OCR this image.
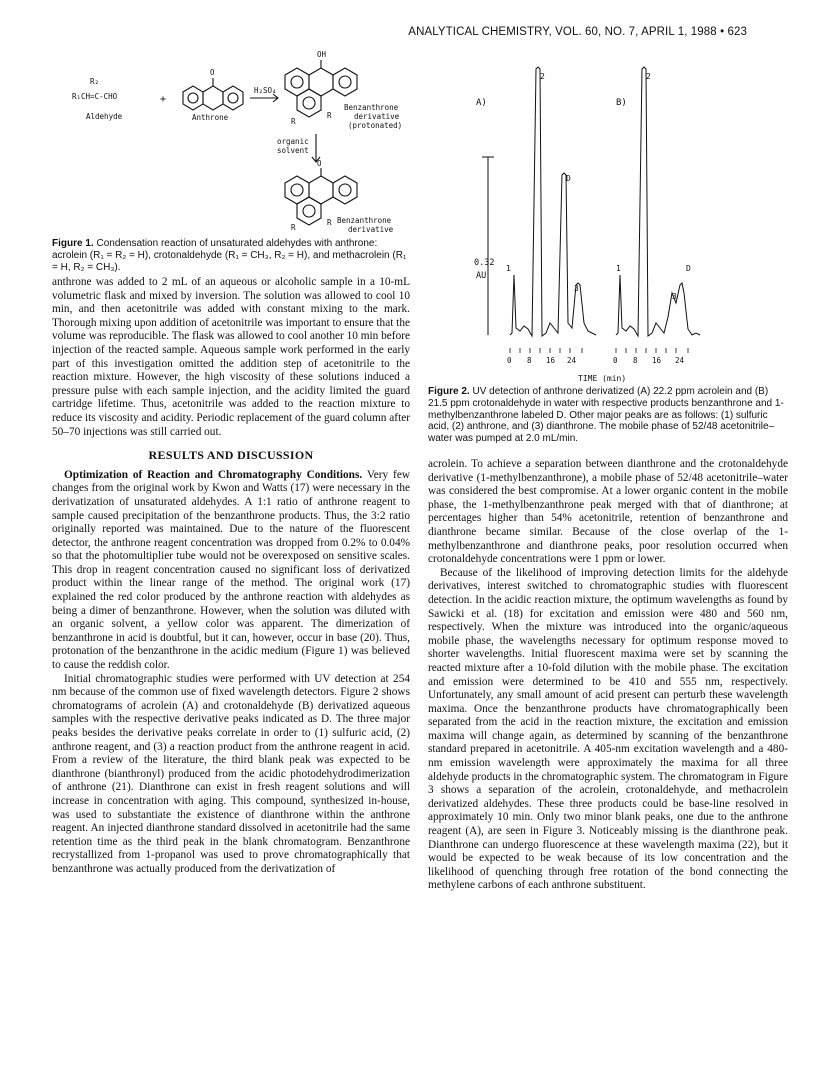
ANALYTICAL CHEMISTRY, VOL. 60, NO. 7, APRIL 1, 1988 • 623
R₂
R₁CH=C-CHO
Aldehyde
+
O
Anthrone
H₂SO₄
OH
R
R
Benzanthrone
derivative
(protonated)
organic
solvent
O
R
R
Benzanthrone
derivative
Figure 1. Condensation reaction of unsaturated aldehydes with anthrone: acrolein (R₁ = R₂ = H), crotonaldehyde (R₁ = CH₃, R₂ = H), and methacrolein (R₁ = H, R₂ = CH₃).
A)	B)
0.32
AU
1
2
3
D
1
2
3
D
0 8 16 24	0 8 16 24
TIME (min)
Figure 2. UV detection of anthrone derivatized (A) 22.2 ppm acrolein and (B) 21.5 ppm crotonaldehyde in water with respective products benzanthrone and 1-methylbenzanthrone labeled D. Other major peaks are as follows: (1) sulfuric acid, (2) anthrone, and (3) dianthrone. The mobile phase of 52/48 acetonitrile–water was pumped at 2.0 mL/min.

anthrone was added to 2 mL of an aqueous or alcoholic sample in a 10-mL volumetric flask and mixed by inversion. The solution was allowed to cool 10 min, and then acetonitrile was added with constant mixing to the mark. Thorough mixing upon addition of acetonitrile was important to ensure that the volume was reproducible. The flask was allowed to cool another 10 min before injection of the reacted sample. Aqueous sample work performed in the early part of this investigation omitted the addition step of acetonitrile to the reaction mixture. However, the high viscosity of these solutions induced a pressure pulse with each sample injection, and the acidity limited the guard cartridge lifetime. Thus, acetonitrile was added to the reaction mixture to reduce its viscosity and acidity. Periodic replacement of the guard column after 50–70 injections was still carried out.

RESULTS AND DISCUSSION

Optimization of Reaction and Chromatography Conditions. Very few changes from the original work by Kwon and Watts (17) were necessary in the derivatization of unsaturated aldehydes. A 1:1 ratio of anthrone reagent to sample caused precipitation of the benzanthrone products. Thus, the 3:2 ratio originally reported was maintained. Due to the nature of the fluorescent detector, the anthrone reagent concentration was dropped from 0.2% to 0.04% so that the photomultiplier tube would not be overexposed on sensitive scales. This drop in reagent concentration caused no significant loss of derivatized product within the linear range of the method. The original work (17) explained the red color produced by the anthrone reaction with aldehydes as being a dimer of benzanthrone. However, when the solution was diluted with an organic solvent, a yellow color was apparent. The dimerization of benzanthrone in acid is doubtful, but it can, however, occur in base (20). Thus, protonation of the benzanthrone in the acidic medium (Figure 1) was believed to cause the reddish color.

Initial chromatographic studies were performed with UV detection at 254 nm because of the common use of fixed wavelength detectors. Figure 2 shows chromatograms of acrolein (A) and crotonaldehyde (B) derivatized aqueous samples with the respective derivative peaks indicated as D. The three major peaks besides the derivative peaks correlate in order to (1) sulfuric acid, (2) anthrone reagent, and (3) a reaction product from the anthrone reagent in acid. From a review of the literature, the third blank peak was expected to be dianthrone (bianthronyl) produced from the acidic photodehydrodimerization of anthrone (21). Dianthrone can exist in fresh reagent solutions and will increase in concentration with aging. This compound, synthesized in-house, was used to substantiate the existence of dianthrone within the anthrone reagent. An injected dianthrone standard dissolved in acetonitrile had the same retention time as the third peak in the blank chromatogram. Benzanthrone recrystallized from 1-propanol was used to prove chromatographically that benzanthrone was actually produced from the derivatization of

acrolein. To achieve a separation between dianthrone and the crotonaldehyde derivative (1-methylbenzanthrone), a mobile phase of 52/48 acetonitrile–water was considered the best compromise. At a lower organic content in the mobile phase, the 1-methylbenzanthrone peak merged with that of dianthrone; at percentages higher than 54% acetonitrile, retention of benzanthrone and dianthrone became similar. Because of the close overlap of the 1-methylbenzanthrone and dianthrone peaks, poor resolution occurred when crotonaldehyde concentrations were 1 ppm or lower.

Because of the likelihood of improving detection limits for the aldehyde derivatives, interest switched to chromatographic studies with fluorescent detection. In the acidic reaction mixture, the optimum wavelengths as found by Sawicki et al. (18) for excitation and emission were 480 and 560 nm, respectively. When the mixture was introduced into the organic/aqueous mobile phase, the wavelengths necessary for optimum response moved to shorter wavelengths. Initial fluorescent maxima were set by scanning the reacted mixture after a 10-fold dilution with the mobile phase. The excitation and emission were determined to be 410 and 555 nm, respectively. Unfortunately, any small amount of acid present can perturb these wavelength maxima. Once the benzanthrone products have chromatographically been separated from the acid in the reaction mixture, the excitation and emission maxima will change again, as determined by scanning of the benzanthrone standard prepared in acetonitrile. A 405-nm excitation wavelength and a 480-nm emission wavelength were approximately the maxima for all three aldehyde products in the chromatographic system. The chromatogram in Figure 3 shows a separation of the acrolein, crotonaldehyde, and methacrolein derivatized aldehydes. These three products could be base-line resolved in approximately 10 min. Only two minor blank peaks, one due to the anthrone reagent (A), are seen in Figure 3. Noticeably missing is the dianthrone peak. Dianthrone can undergo fluorescence at these wavelength maxima (22), but it would be expected to be weak because of its low concentration and the likelihood of quenching through free rotation of the bond connecting the methylene carbons of each anthrone substituent.
